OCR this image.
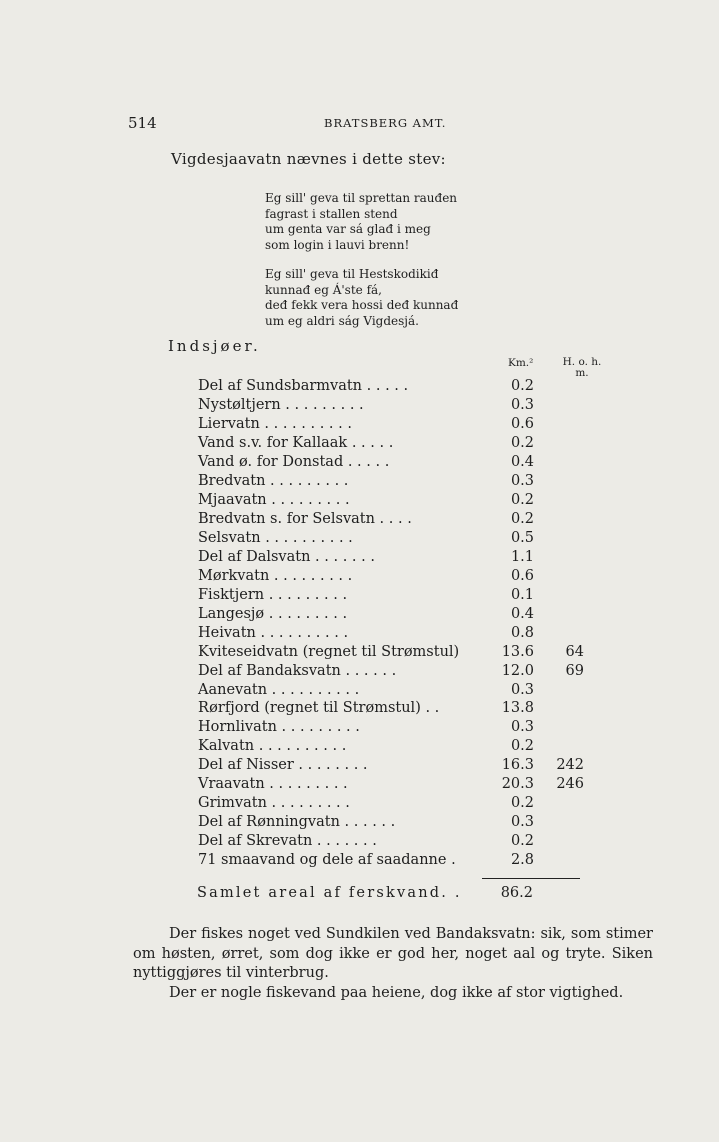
514	BRATSBERG AMT.
Vigdesjaavatn nævnes i dette stev:
Eg sill' geva til sprettan rauđen
fagrast i stallen stend
um genta var sá glađ i meg
som login i lauvi brenn!
Eg sill' geva til Hestskodikiđ
kunnađ eg Á'ste fá,
deđ fekk vera hossi deđ kunnađ
um eg aldri ság Vigdesjá.
Indsjøer.
Km.²	H. o. h.
m.
Del af Sundsbarmvatn . . . . .	0.2
Nystøltjern . . . . . . . . .	0.3
Liervatn . . . . . . . . . .	0.6
Vand s.v. for Kallaak . . . . .	0.2
Vand ø. for Donstad . . . . .	0.4
Bredvatn . . . . . . . . .	0.3
Mjaavatn . . . . . . . . .	0.2
Bredvatn s. for Selsvatn . . . .	0.2
Selsvatn . . . . . . . . . .	0.5
Del af Dalsvatn . . . . . . .	1.1
Mørkvatn . . . . . . . . .	0.6
Fisktjern . . . . . . . . .	0.1
Langesjø . . . . . . . . .	0.4
Heivatn . . . . . . . . . .	0.8
Kviteseidvatn (regnet til Strømstul)	13.6	64
Del af Bandaksvatn . . . . . .	12.0	69
Aanevatn . . . . . . . . . .	0.3
Rørfjord (regnet til Strømstul) . .	13.8
Hornlivatn . . . . . . . . .	0.3
Kalvatn . . . . . . . . . .	0.2
Del af Nisser . . . . . . . .	16.3	242
Vraavatn . . . . . . . . .	20.3	246
Grimvatn . . . . . . . . .	0.2
Del af Rønningvatn . . . . . .	0.3
Del af Skrevatn . . . . . . .	0.2
71 smaavand og dele af saadanne .	2.8
Samlet areal af ferskvand. .	86.2

Der fiskes noget ved Sundkilen ved Bandaksvatn: sik, som stimer om høsten, ørret, som dog ikke er god her, noget aal og tryte. Siken nyttiggjøres til vinterbrug.

Der er nogle fiskevand paa heiene, dog ikke af stor vigtighed.
